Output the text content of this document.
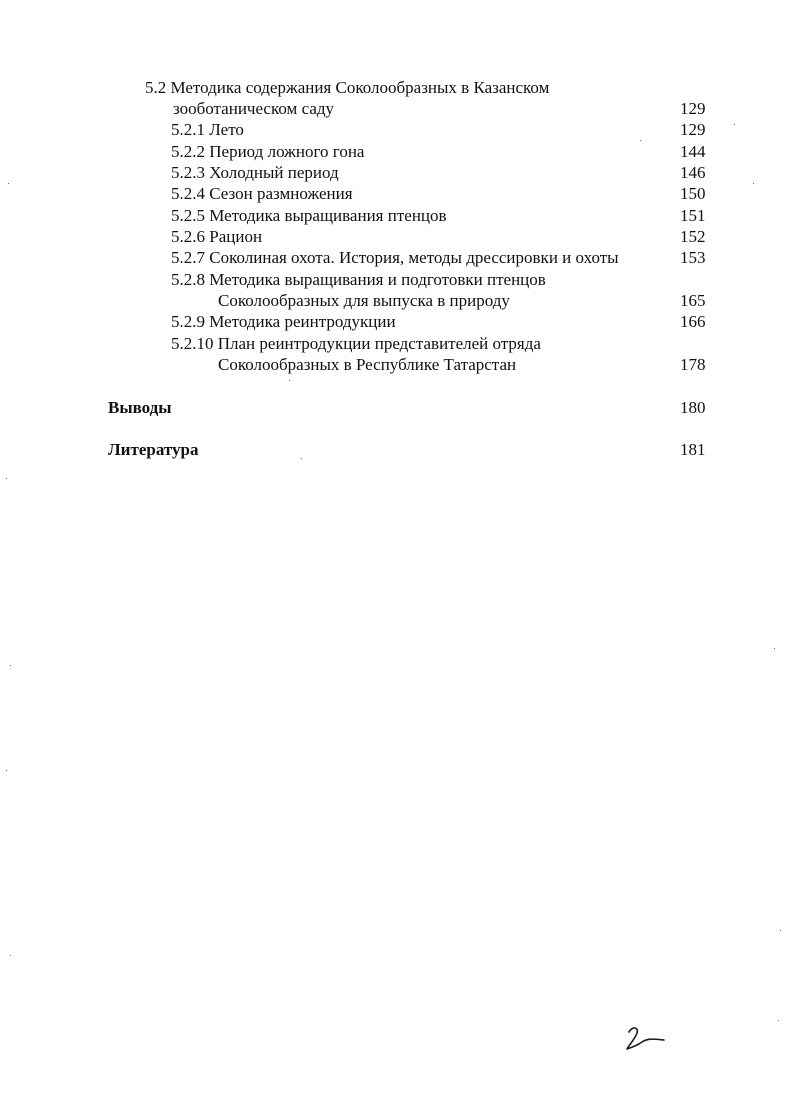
5.2 Методика содержания Соколообразных в Казанском
зооботаническом саду	129
5.2.1 Лето	129
5.2.2 Период ложного гона	144
5.2.3 Холодный период	146
5.2.4 Сезон размножения	150
5.2.5 Методика выращивания птенцов	151
5.2.6 Рацион	152
5.2.7 Соколиная охота. История, методы дрессировки и охоты	153
5.2.8 Методика выращивания и подготовки птенцов
Соколообразных для выпуска в природу	165
5.2.9 Методика реинтродукции	166
5.2.10 План реинтродукции представителей отряда
Соколообразных в Республике Татарстан	178
Выводы	180
Литература	181
